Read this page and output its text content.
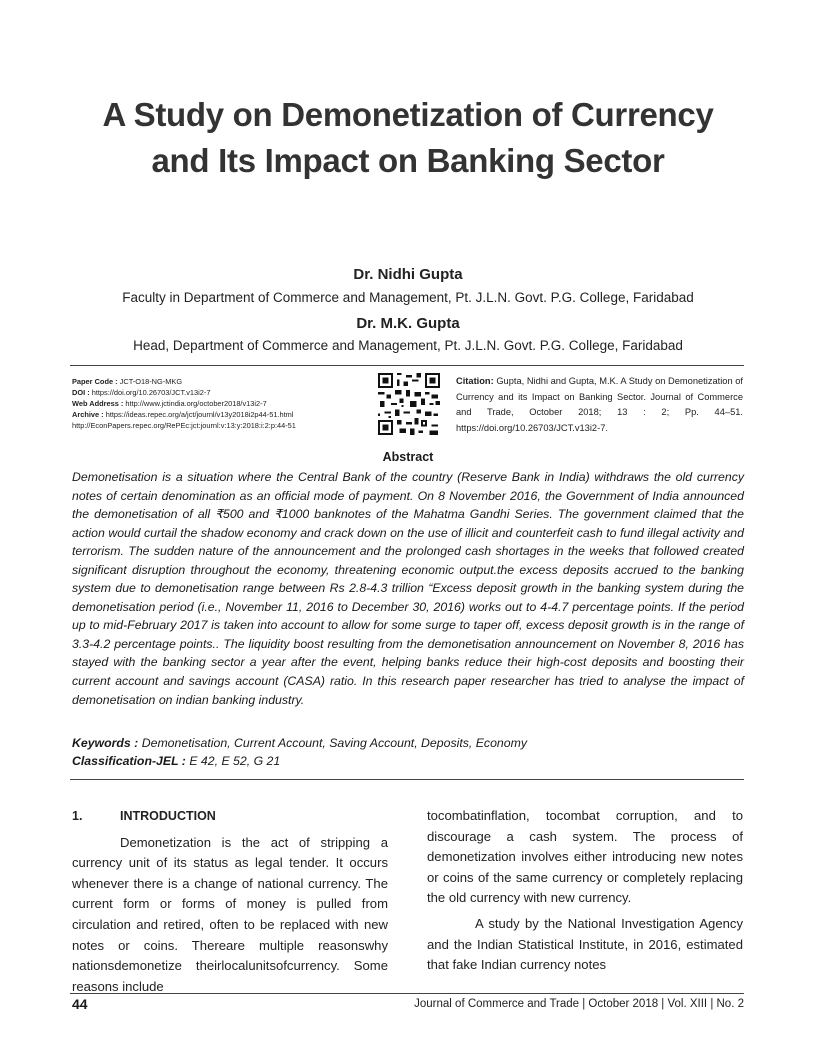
A Study on Demonetization of Currency
and Its Impact on Banking Sector
Dr. Nidhi Gupta
Faculty in Department of Commerce and Management, Pt. J.L.N. Govt. P.G. College, Faridabad
Dr. M.K. Gupta
Head, Department of Commerce and Management, Pt. J.L.N. Govt. P.G. College, Faridabad
Paper Code : JCT-O18-NG-MKG
DOI : https://doi.org/10.26703/JCT.v13i2-7
Web Address : http://www.jctindia.org/october2018/v13i2-7
Archive : https://ideas.repec.org/a/jct/journl/v13y2018i2p44-51.html
http://EconPapers.repec.org/RePEc:jct:journl:v:13:y:2018:i:2:p:44-51
Citation: Gupta, Nidhi and Gupta, M.K. A Study on Demonetization of Currency and its Impact on Banking Sector. Journal of Commerce and Trade, October 2018; 13 : 2; Pp. 44–51. https://doi.org/10.26703/JCT.v13i2-7.
Abstract
Demonetisation is a situation where the Central Bank of the country (Reserve Bank in India) withdraws the old currency notes of certain denomination as an official mode of payment. On 8 November 2016, the Government of India announced the demonetisation of all ₹500 and ₹1000 banknotes of the Mahatma Gandhi Series. The government claimed that the action would curtail the shadow economy and crack down on the use of illicit and counterfeit cash to fund illegal activity and terrorism. The sudden nature of the announcement and the prolonged cash shortages in the weeks that followed created significant disruption throughout the economy, threatening economic output.the excess deposits accrued to the banking system due to demonetisation range between Rs 2.8-4.3 trillion “Excess deposit growth in the banking system during the demonetisation period (i.e., November 11, 2016 to December 30, 2016) works out to 4-4.7 percentage points. If the period up to mid-February 2017 is taken into account to allow for some surge to taper off, excess deposit growth is in the range of 3.3-4.2 percentage points.. The liquidity boost resulting from the demonetisation announcement on November 8, 2016 has stayed with the banking sector a year after the event, helping banks reduce their high-cost deposits and boosting their current account and savings account (CASA) ratio. In this research paper researcher has tried to analyse the impact of demonetisation on indian banking industry.
Keywords : Demonetisation, Current Account, Saving Account, Deposits, Economy
Classification-JEL : E 42, E 52, G 21

1.	INTRODUCTION

Demonetization is the act of stripping a currency unit of its status as legal tender. It occurs whenever there is a change of national currency. The current form or forms of money is pulled from circulation and retired, often to be replaced with new notes or coins. Thereare multiple reasonswhy nationsdemonetize theirlocalunitsofcurrency. Some reasons include

tocombatinflation, tocombat corruption, and to discourage a cash system. The process of demonetization involves either introducing new notes or coins of the same currency or completely replacing the old currency with new currency.

A study by the National Investigation Agency and the Indian Statistical Institute, in 2016, estimated that fake Indian currency notes

44	Journal of Commerce and Trade | October 2018 | Vol. XIII | No. 2
